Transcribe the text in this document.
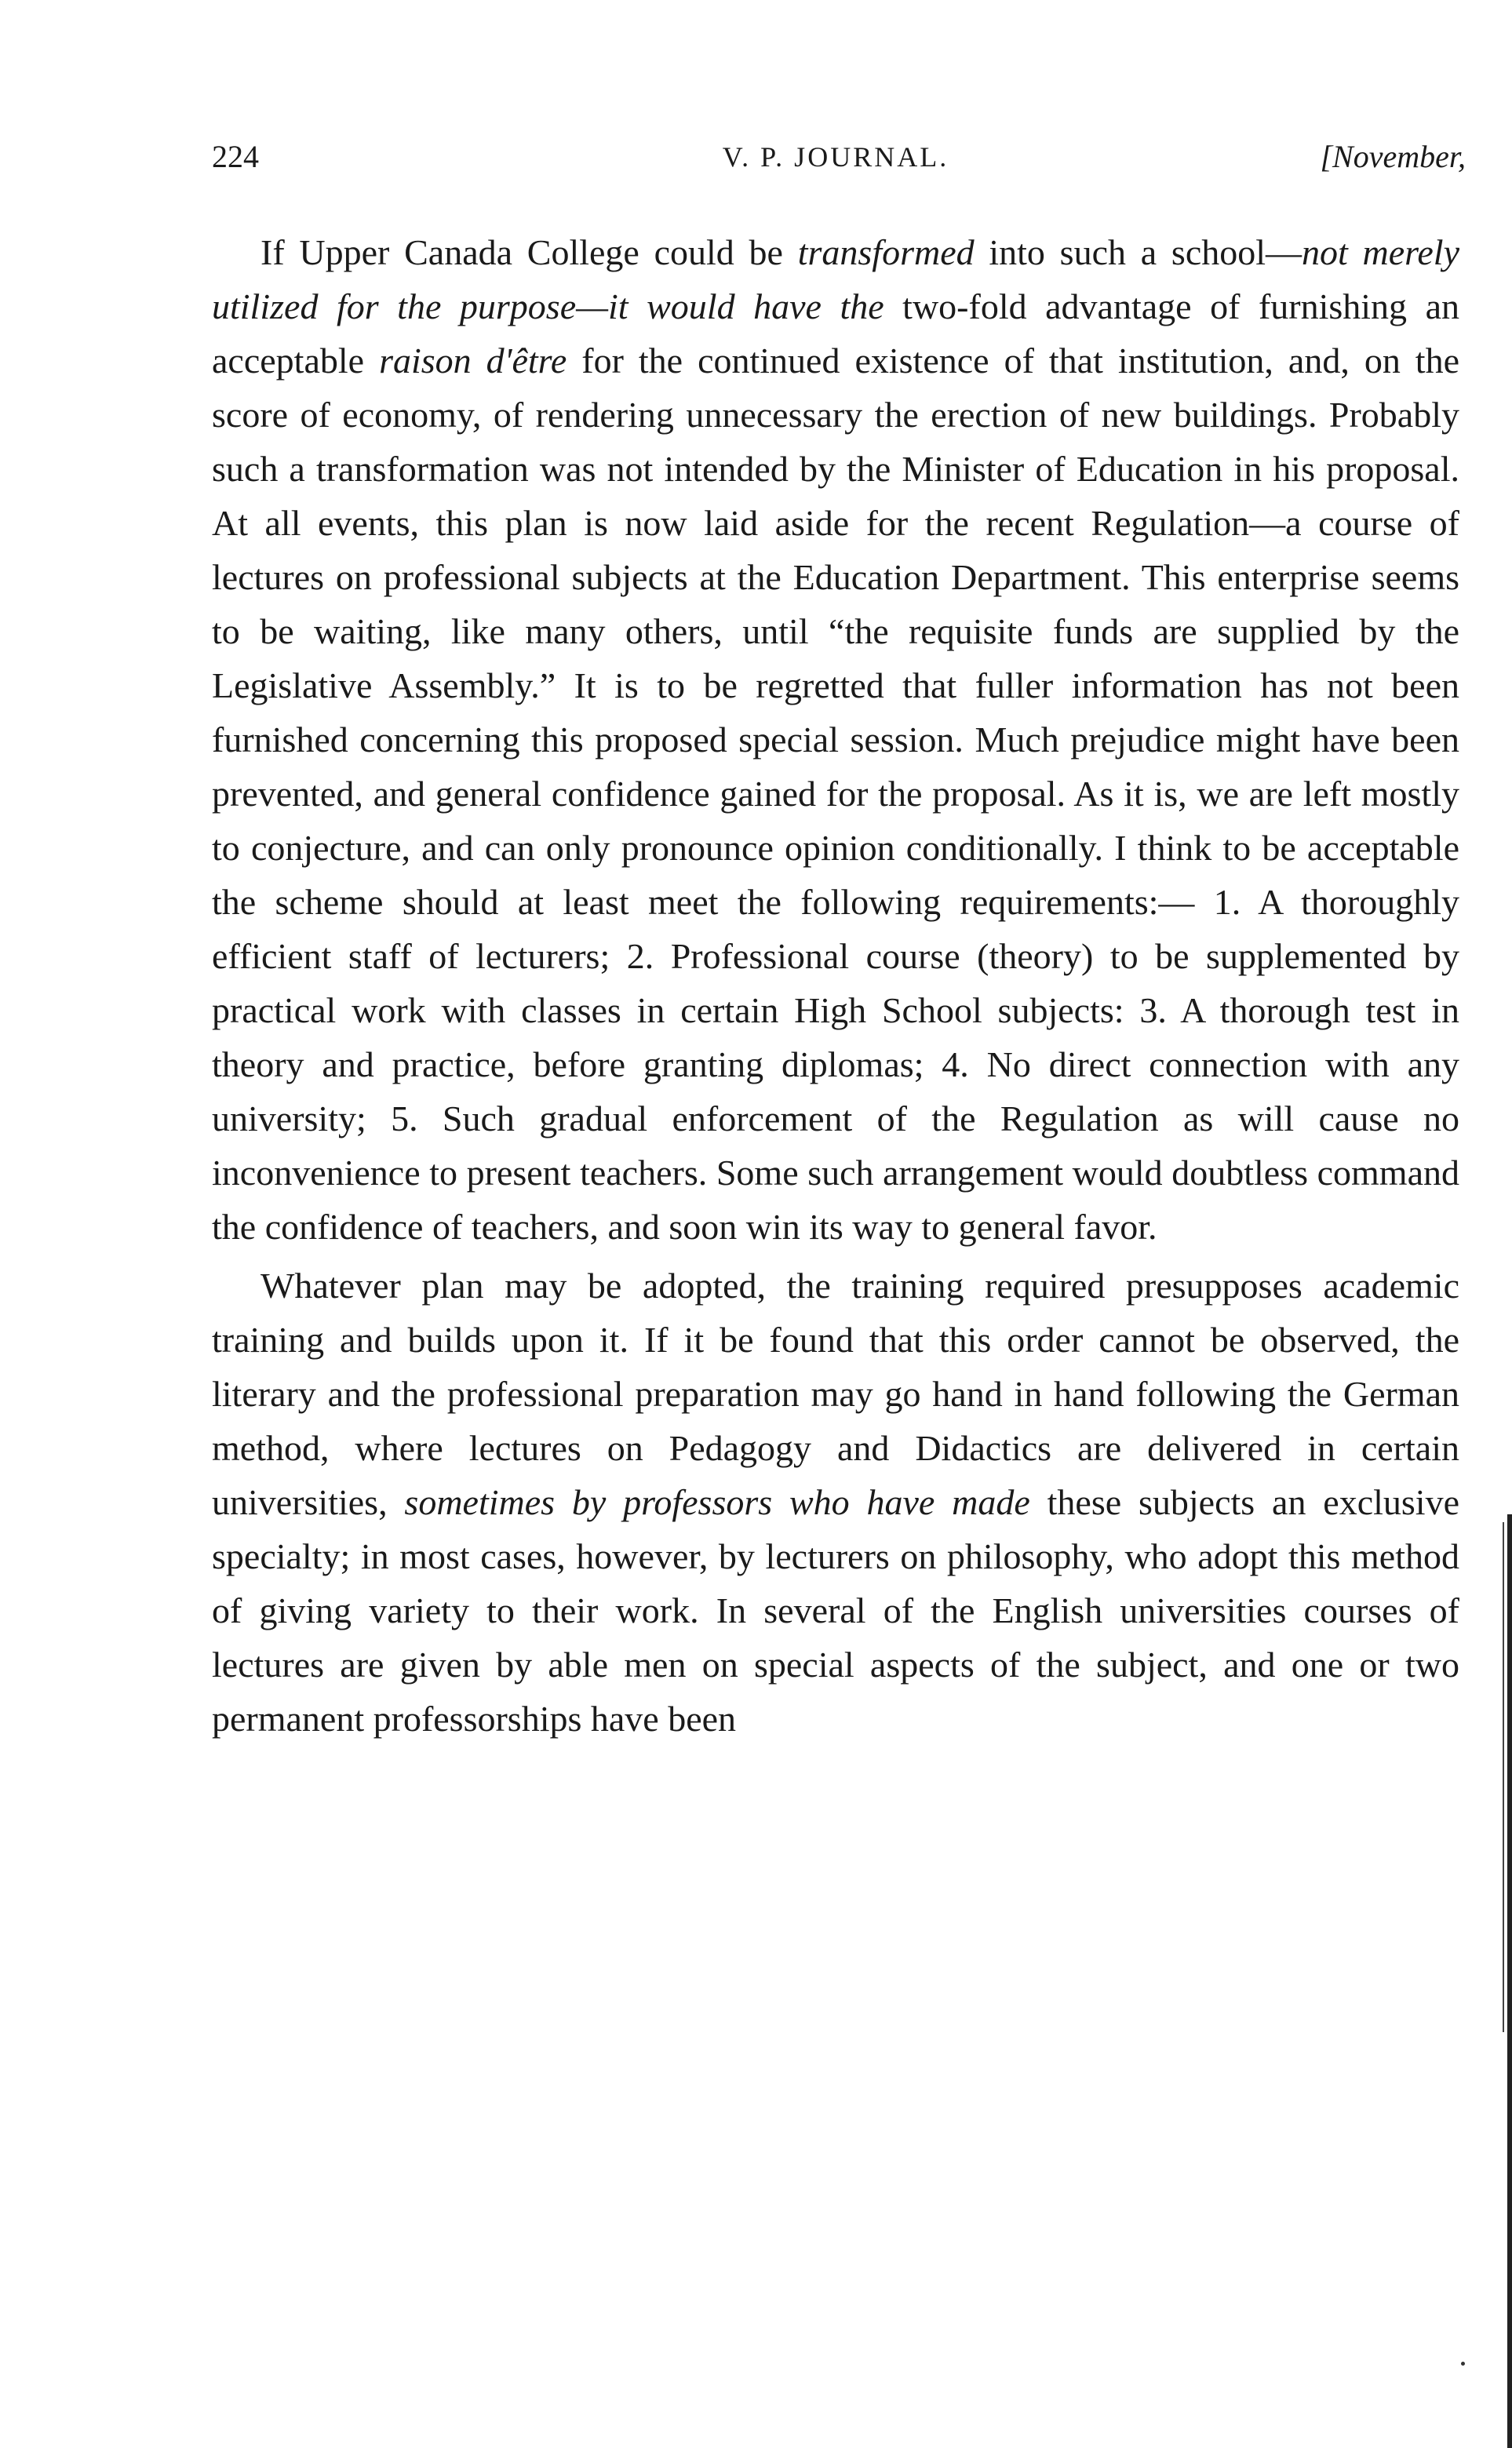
224	V. P. JOURNAL.	[November,

If Upper Canada College could be transformed into such a school—not merely utilized for the purpose—it would have the two-fold advantage of furnishing an acceptable raison d'être for the continued existence of that institution, and, on the score of economy, of rendering unnecessary the erection of new buildings. Probably such a transformation was not intended by the Minister of Education in his proposal. At all events, this plan is now laid aside for the recent Regulation—a course of lectures on professional subjects at the Education Department. This enterprise seems to be waiting, like many others, until “the requisite funds are supplied by the Legislative Assembly.” It is to be regretted that fuller information has not been furnished concerning this proposed special session. Much prejudice might have been prevented, and general confidence gained for the proposal. As it is, we are left mostly to conjecture, and can only pronounce opinion conditionally. I think to be acceptable the scheme should at least meet the following requirements:— 1. A thoroughly efficient staff of lecturers; 2. Professional course (theory) to be supplemented by practical work with classes in certain High School subjects: 3. A thorough test in theory and practice, before granting diplomas; 4. No direct connection with any university; 5. Such gradual enforcement of the Regulation as will cause no inconvenience to present teachers. Some such arrangement would doubtless command the confidence of teachers, and soon win its way to general favor.

Whatever plan may be adopted, the training required presupposes academic training and builds upon it. If it be found that this order cannot be observed, the literary and the professional preparation may go hand in hand following the German method, where lectures on Pedagogy and Didactics are delivered in certain universities, sometimes by professors who have made these subjects an exclusive specialty; in most cases, however, by lecturers on philosophy, who adopt this method of giving variety to their work. In several of the English universities courses of lectures are given by able men on special aspects of the subject, and one or two permanent professorships have been
